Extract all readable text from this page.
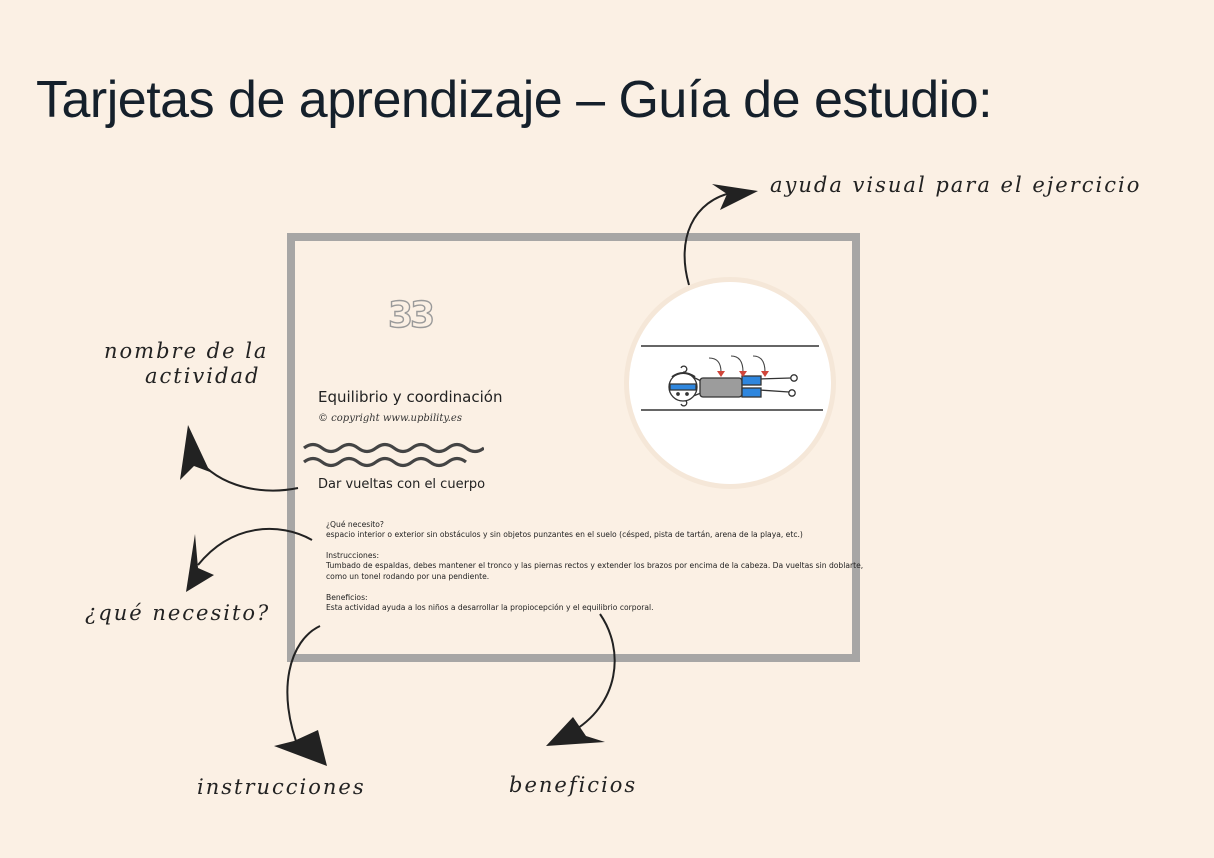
Tarjetas de aprendizaje – Guía de estudio:
33
Equilibrio y coordinación
© copyright www.upbility.es
Dar vueltas con el cuerpo
¿Qué necesito?
espacio interior o exterior sin obstáculos y sin objetos punzantes en el suelo (césped, pista de tartán, arena de la playa, etc.)
Instrucciones:
Tumbado de espaldas, debes mantener el tronco y las piernas rectos y extender los brazos por encima de la cabeza. Da vueltas sin doblarte,
como un tonel rodando por una pendiente.
Beneficios:
Esta actividad ayuda a los niños a desarrollar la propiocepción y el equilibrio corporal.
ayuda visual para el ejercicio
nombre de la
actividad
¿qué necesito?
instrucciones	beneficios
